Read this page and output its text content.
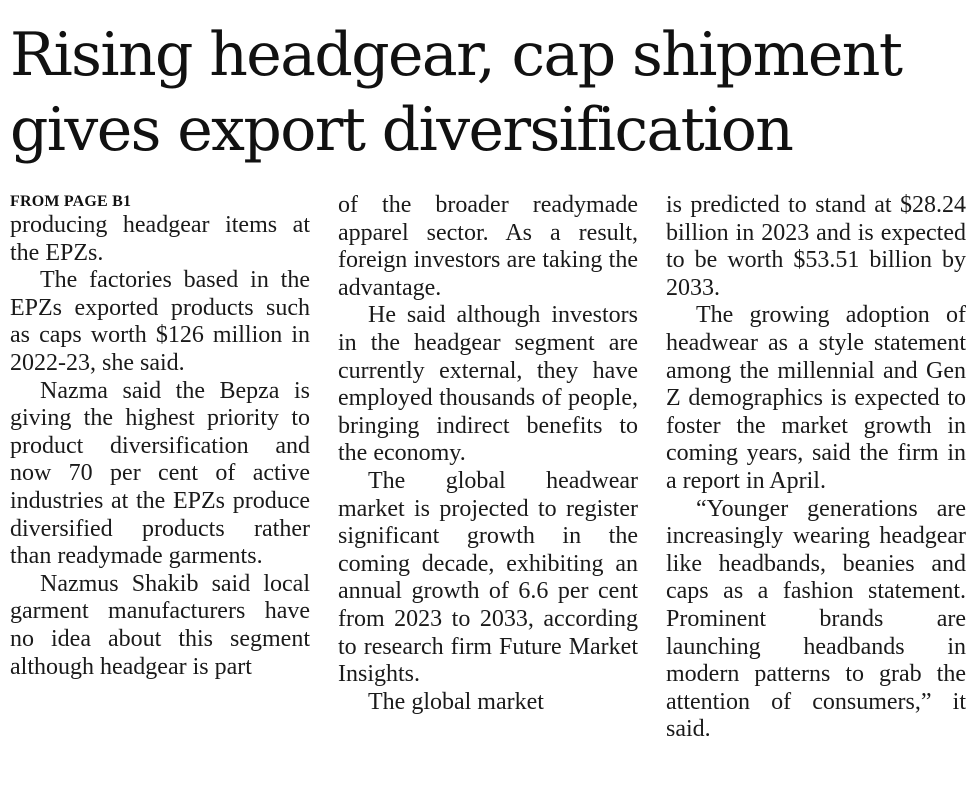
Rising headgear, cap shipment
gives export diversification
FROM PAGE B1

producing headgear items at the EPZs.

The factories based in the EPZs exported products such as caps worth $126 million in 2022-23, she said.

Nazma said the Bepza is giving the highest priority to product diversification and now 70 per cent of active industries at the EPZs produce diversified products rather than readymade garments.

Nazmus Shakib said local garment manufacturers have no idea about this segment although headgear is part

of the broader readymade apparel sector. As a result, foreign investors are taking the advantage.

He said although investors in the headgear segment are currently external, they have employed thousands of people, bringing indirect benefits to the economy.

The global headwear market is projected to register significant growth in the coming decade, exhibiting an annual growth of 6.6 per cent from 2023 to 2033, according to research firm Future Market Insights.

The global market

is predicted to stand at $28.24 billion in 2023 and is expected to be worth $53.51 billion by 2033.

The growing adoption of headwear as a style statement among the millennial and Gen Z demographics is expected to foster the market growth in coming years, said the firm in a report in April.

“Younger generations are increasingly wearing headgear like headbands, beanies and caps as a fashion statement. Prominent brands are launching headbands in modern patterns to grab the attention of consumers,” it said.
